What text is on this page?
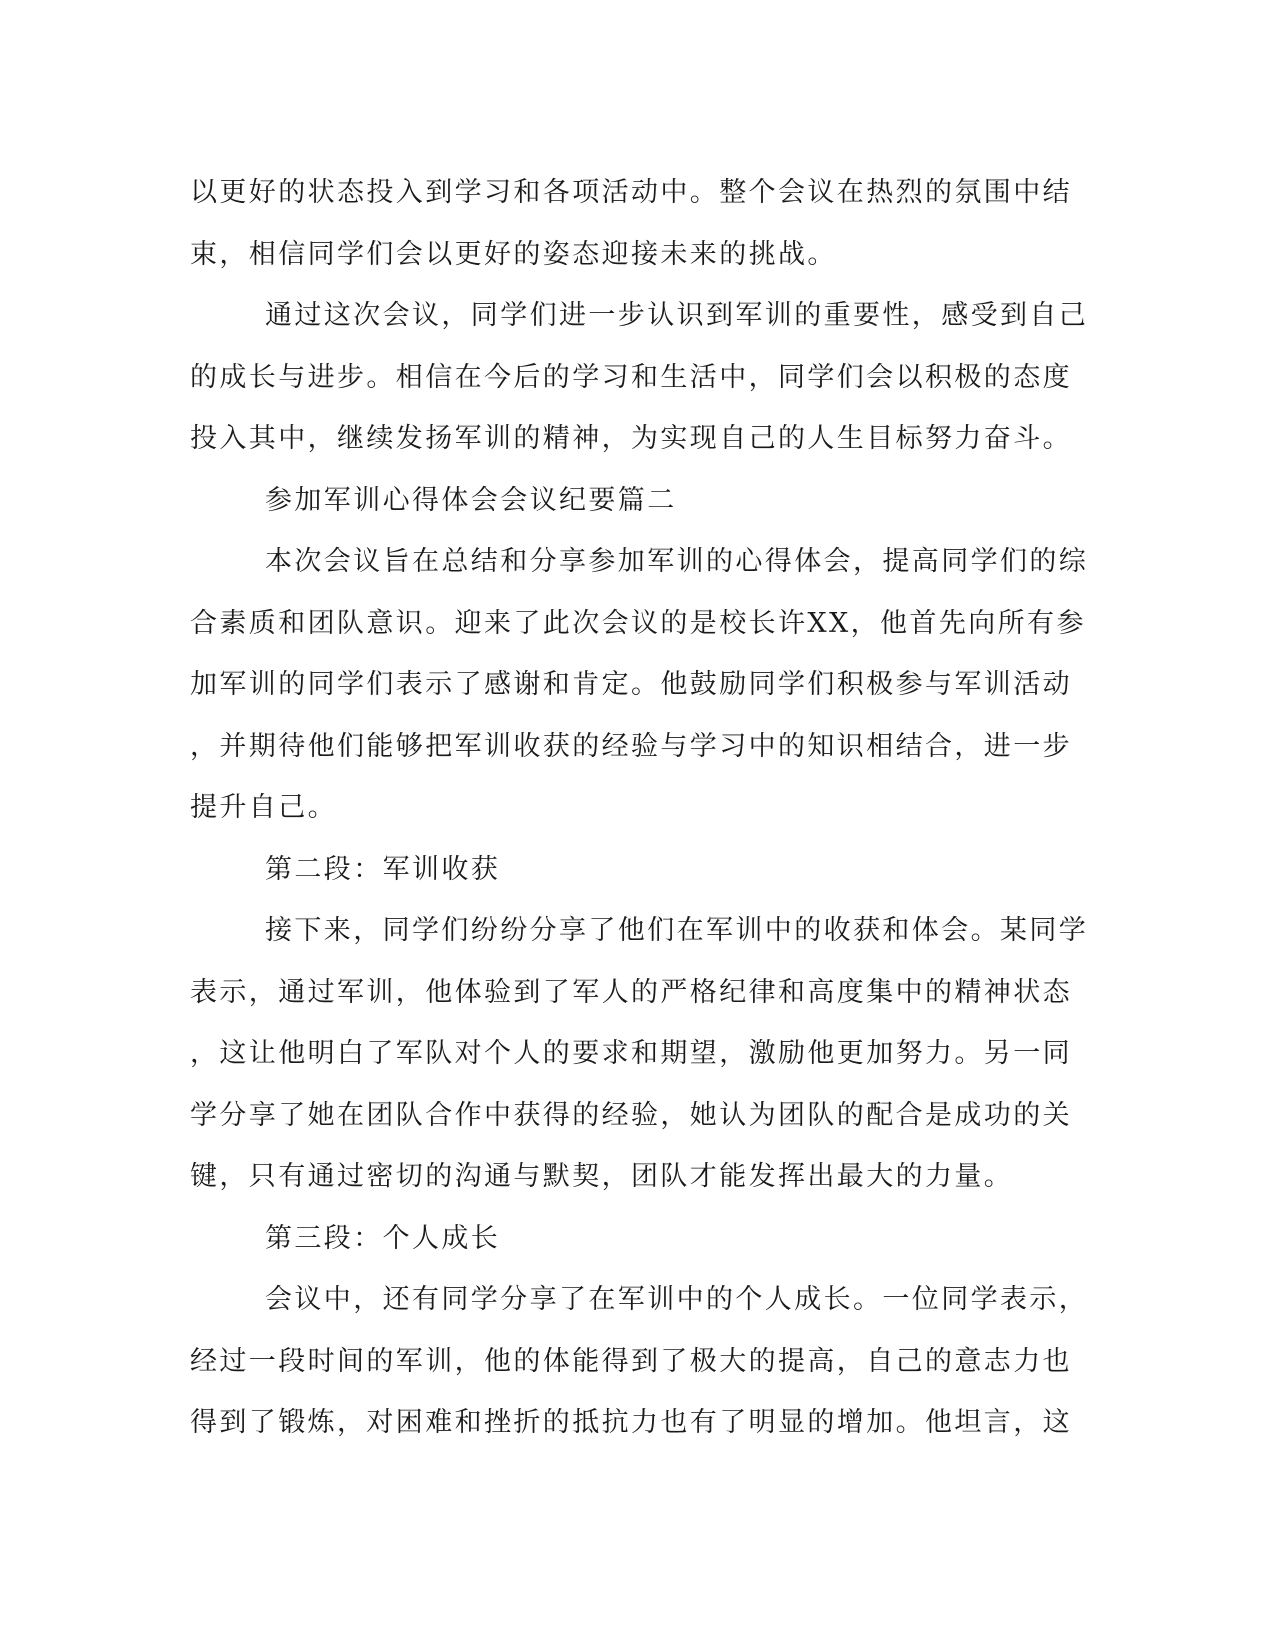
以更好的状态投入到学习和各项活动中。整个会议在热烈的氛围中结
束，相信同学们会以更好的姿态迎接未来的挑战。
通过这次会议，同学们进一步认识到军训的重要性，感受到自己
的成长与进步。相信在今后的学习和生活中，同学们会以积极的态度
投入其中，继续发扬军训的精神，为实现自己的人生目标努力奋斗。
参加军训心得体会会议纪要篇二
本次会议旨在总结和分享参加军训的心得体会，提高同学们的综
合素质和团队意识。迎来了此次会议的是校长许XX，他首先向所有参
加军训的同学们表示了感谢和肯定。他鼓励同学们积极参与军训活动
，并期待他们能够把军训收获的经验与学习中的知识相结合，进一步
提升自己。
第二段：军训收获
接下来，同学们纷纷分享了他们在军训中的收获和体会。某同学
表示，通过军训，他体验到了军人的严格纪律和高度集中的精神状态
，这让他明白了军队对个人的要求和期望，激励他更加努力。另一同
学分享了她在团队合作中获得的经验，她认为团队的配合是成功的关
键，只有通过密切的沟通与默契，团队才能发挥出最大的力量。
第三段：个人成长
会议中，还有同学分享了在军训中的个人成长。一位同学表示，
经过一段时间的军训，他的体能得到了极大的提高，自己的意志力也
得到了锻炼，对困难和挫折的抵抗力也有了明显的增加。他坦言，这
